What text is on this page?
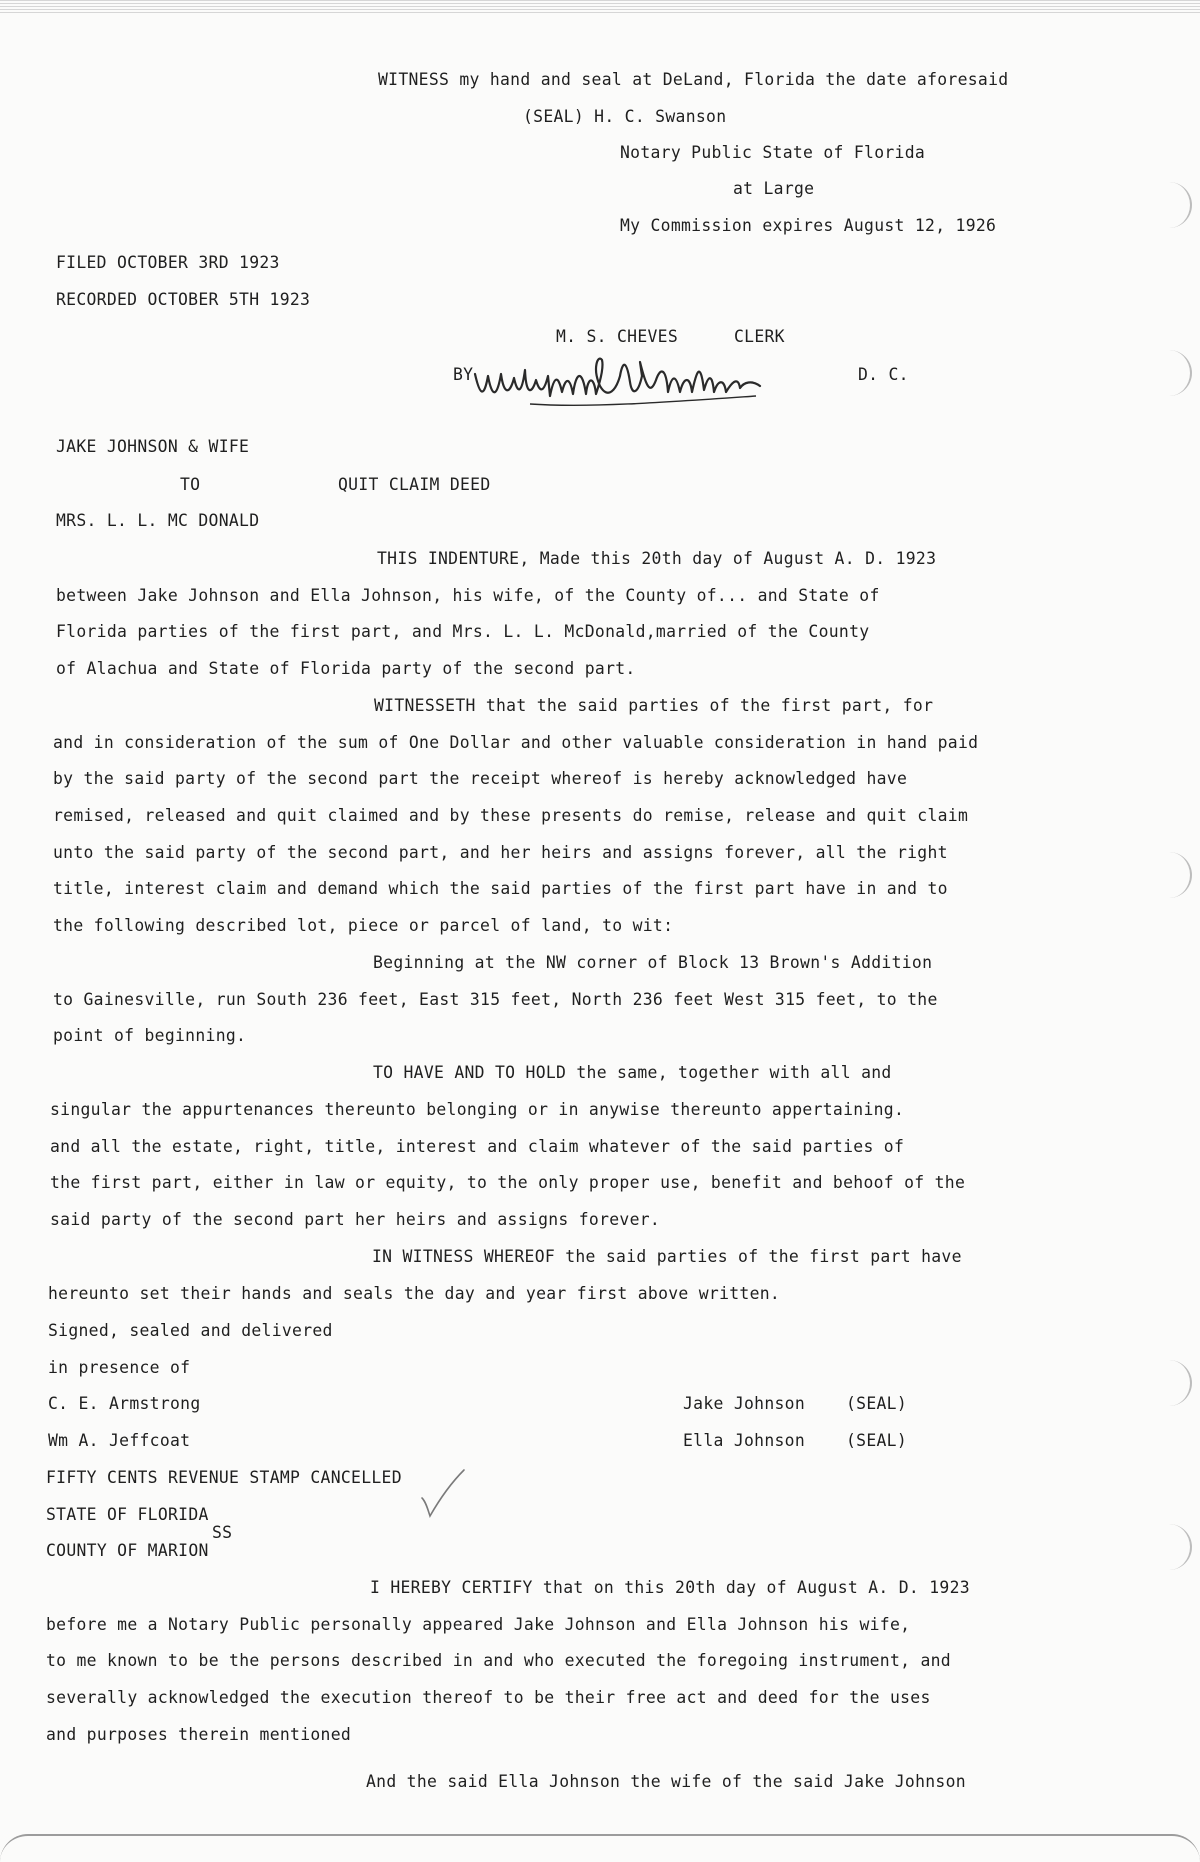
WITNESS my hand and seal at DeLand, Florida the date aforesaid
(SEAL) H. C. Swanson
Notary Public State of Florida
at Large
My Commission expires August 12, 1926
FILED OCTOBER 3RD 1923
RECORDED OCTOBER 5TH 1923
M. S. CHEVES	CLERK
BY	D. C.
JAKE JOHNSON & WIFE
TO	QUIT CLAIM DEED
MRS. L. L. MC DONALD
THIS INDENTURE, Made this 20th day of August A. D. 1923
between Jake Johnson and Ella Johnson, his wife, of the County of... and State of
Florida parties of the first part, and Mrs. L. L. McDonald,married of the County
of Alachua and State of Florida party of the second part.
WITNESSETH that the said parties of the first part, for
and in consideration of the sum of One Dollar and other valuable consideration in hand paid
by the said party of the second part the receipt whereof is hereby acknowledged have
remised, released and quit claimed and by these presents do remise, release and quit claim
unto the said party of the second part, and her heirs and assigns forever, all the right
title, interest claim and demand which the said parties of the first part have in and to
the following described lot, piece or parcel of land, to wit:
Beginning at the NW corner of Block 13 Brown's Addition
to Gainesville, run South 236 feet, East 315 feet, North 236 feet West 315 feet, to the
point of beginning.
TO HAVE AND TO HOLD the same, together with all and
singular the appurtenances thereunto belonging or in anywise thereunto appertaining.
and all the estate, right, title, interest and claim whatever of the said parties of
the first part, either in law or equity, to the only proper use, benefit and behoof of the
said party of the second part her heirs and assigns forever.
IN WITNESS WHEREOF the said parties of the first part have
hereunto set their hands and seals the day and year first above written.
Signed, sealed and delivered
in presence of
C. E. Armstrong	Jake Johnson (SEAL)
Wm A. Jeffcoat	Ella Johnson (SEAL)
FIFTY CENTS REVENUE STAMP CANCELLED
STATE OF FLORIDA
SS
COUNTY OF MARION
I HEREBY CERTIFY that on this 20th day of August A. D. 1923
before me a Notary Public personally appeared Jake Johnson and Ella Johnson his wife,
to me known to be the persons described in and who executed the foregoing instrument, and
severally acknowledged the execution thereof to be their free act and deed for the uses
and purposes therein mentioned
And the said Ella Johnson the wife of the said Jake Johnson
